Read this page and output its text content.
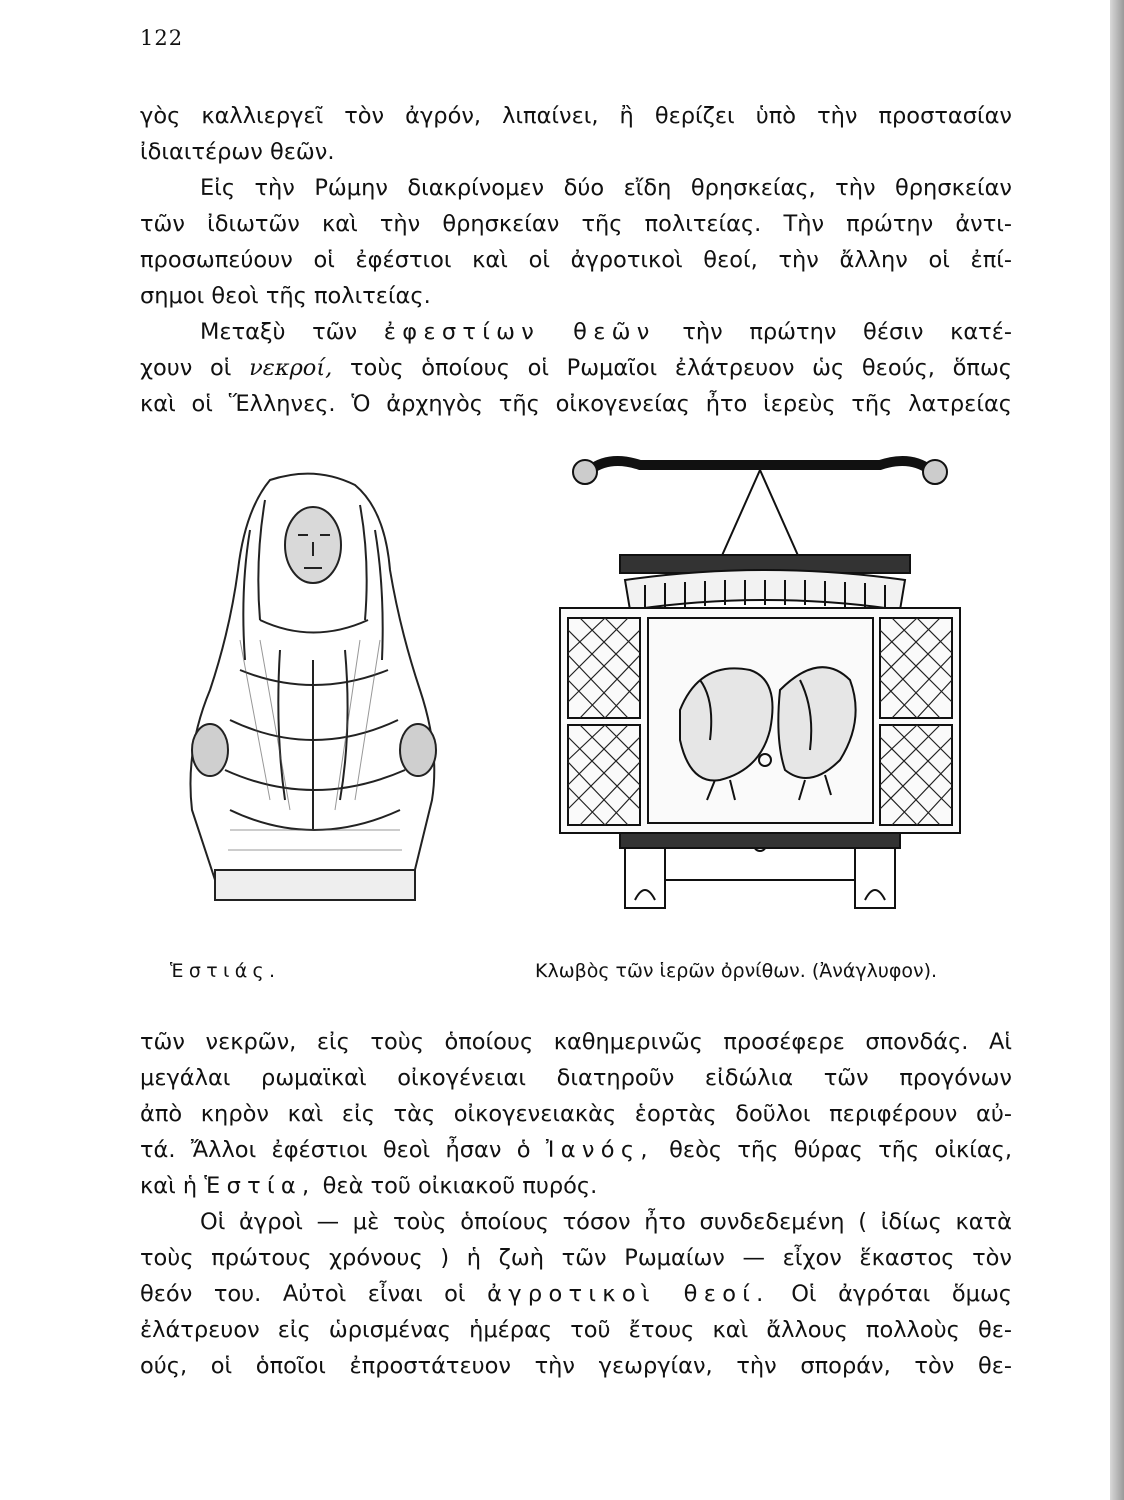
122
γὸς καλλιεργεῖ τὸν ἀγρόν, λιπαίνει, ἢ θερίζει ὑπὸ τὴν προστασίαν
ἰδιαιτέρων θεῶν.
Εἰς τὴν Ρώμην διακρίνομεν δύο εἴδη θρησκείας, τὴν θρησκείαν
τῶν ἰδιωτῶν καὶ τὴν θρησκείαν τῆς πολιτείας. Τὴν πρώτην ἀντι-
προσωπεύουν οἱ ἐφέστιοι καὶ οἱ ἀγροτικοὶ θεοί, τὴν ἄλλην οἱ ἐπί-
σημοι θεοὶ τῆς πολιτείας.
Μεταξὺ τῶν ἐφεστίων θεῶν τὴν πρώτην θέσιν κατέ-
χουν οἱ νεκροί, τοὺς ὁποίους οἱ Ρωμαῖοι ἐλάτρευον ὡς θεούς, ὅπως
καὶ οἱ Ἕλληνες. Ὁ ἀρχηγὸς τῆς οἰκογενείας ἦτο ἱερεὺς τῆς λατρείας
Ἑστιάς.	Κλωβὸς τῶν ἱερῶν ὀρνίθων. (Ἀνάγλυφον).
τῶν νεκρῶν, εἰς τοὺς ὁποίους καθημερινῶς προσέφερε σπονδάς. Αἱ
μεγάλαι ρωμαϊκαὶ οἰκογένειαι διατηροῦν εἰδώλια τῶν προγόνων
ἀπὸ κηρὸν καὶ εἰς τὰς οἰκογενειακὰς ἑορτὰς δοῦλοι περιφέρουν αὐ-
τά. Ἄλλοι ἐφέστιοι θεοὶ ἦσαν ὁ Ἰανός, θεὸς τῆς θύρας τῆς οἰκίας,
καὶ ἡ Ἑστία, θεὰ τοῦ οἰκιακοῦ πυρός.
Οἱ ἀγροὶ — μὲ τοὺς ὁποίους τόσον ἦτο συνδεδεμένη ( ἰδίως κατὰ
τοὺς πρώτους χρόνους ) ἡ ζωὴ τῶν Ρωμαίων — εἶχον ἕκαστος τὸν
θεόν του. Αὐτοὶ εἶναι οἱ ἀγροτικοὶ θεοί. Οἱ ἀγρόται ὅμως
ἐλάτρευον εἰς ὡρισμένας ἡμέρας τοῦ ἔτους καὶ ἄλλους πολλοὺς θε-
ούς, οἱ ὁποῖοι ἐπροστάτευον τὴν γεωργίαν, τὴν σποράν, τὸν θε-
